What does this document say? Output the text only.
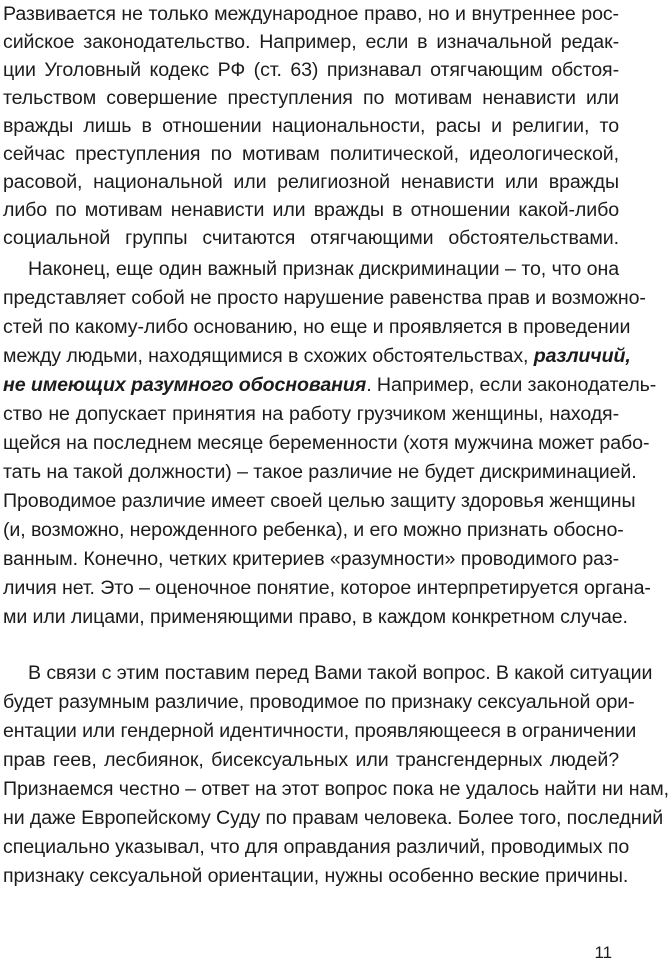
Развивается не только международное право, но и внутреннее рос-
сийское законодательство. Например, если в изначальной редак-
ции Уголовный кодекс РФ (ст. 63) признавал отягчающим обстоя-
тельством совершение преступления по мотивам ненависти или
вражды лишь в отношении национальности, расы и религии, то
сейчас преступления по мотивам политической, идеологической,
расовой, национальной или религиозной ненависти или вражды
либо по мотивам ненависти или вражды в отношении какой-либо
социальной группы считаются отягчающими обстоятельствами.
Наконец, еще один важный признак дискриминации – то, что она
представляет собой не просто нарушение равенства прав и возможно-
стей по какому-либо основанию, но еще и проявляется в проведении
между людьми, находящимися в схожих обстоятельствах, различий,
не имеющих разумного обоснования. Например, если законодатель-
ство не допускает принятия на работу грузчиком женщины, находя-
щейся на последнем месяце беременности (хотя мужчина может рабо-
тать на такой должности) – такое различие не будет дискриминацией.
Проводимое различие имеет своей целью защиту здоровья женщины
(и, возможно, нерожденного ребенка), и его можно признать обосно-
ванным. Конечно, четких критериев «разумности» проводимого раз-
личия нет. Это – оценочное понятие, которое интерпретируется органа-
ми или лицами, применяющими право, в каждом конкретном случае.
В связи с этим поставим перед Вами такой вопрос. В какой ситуации
будет разумным различие, проводимое по признаку сексуальной ори-
ентации или гендерной идентичности, проявляющееся в ограничении
прав геев, лесбиянок, бисексуальных или трансгендерных людей?
Признаемся честно – ответ на этот вопрос пока не удалось найти ни нам,
ни даже Европейскому Суду по правам человека. Более того, последний
специально указывал, что для оправдания различий, проводимых по
признаку сексуальной ориентации, нужны особенно веские причины.
11
